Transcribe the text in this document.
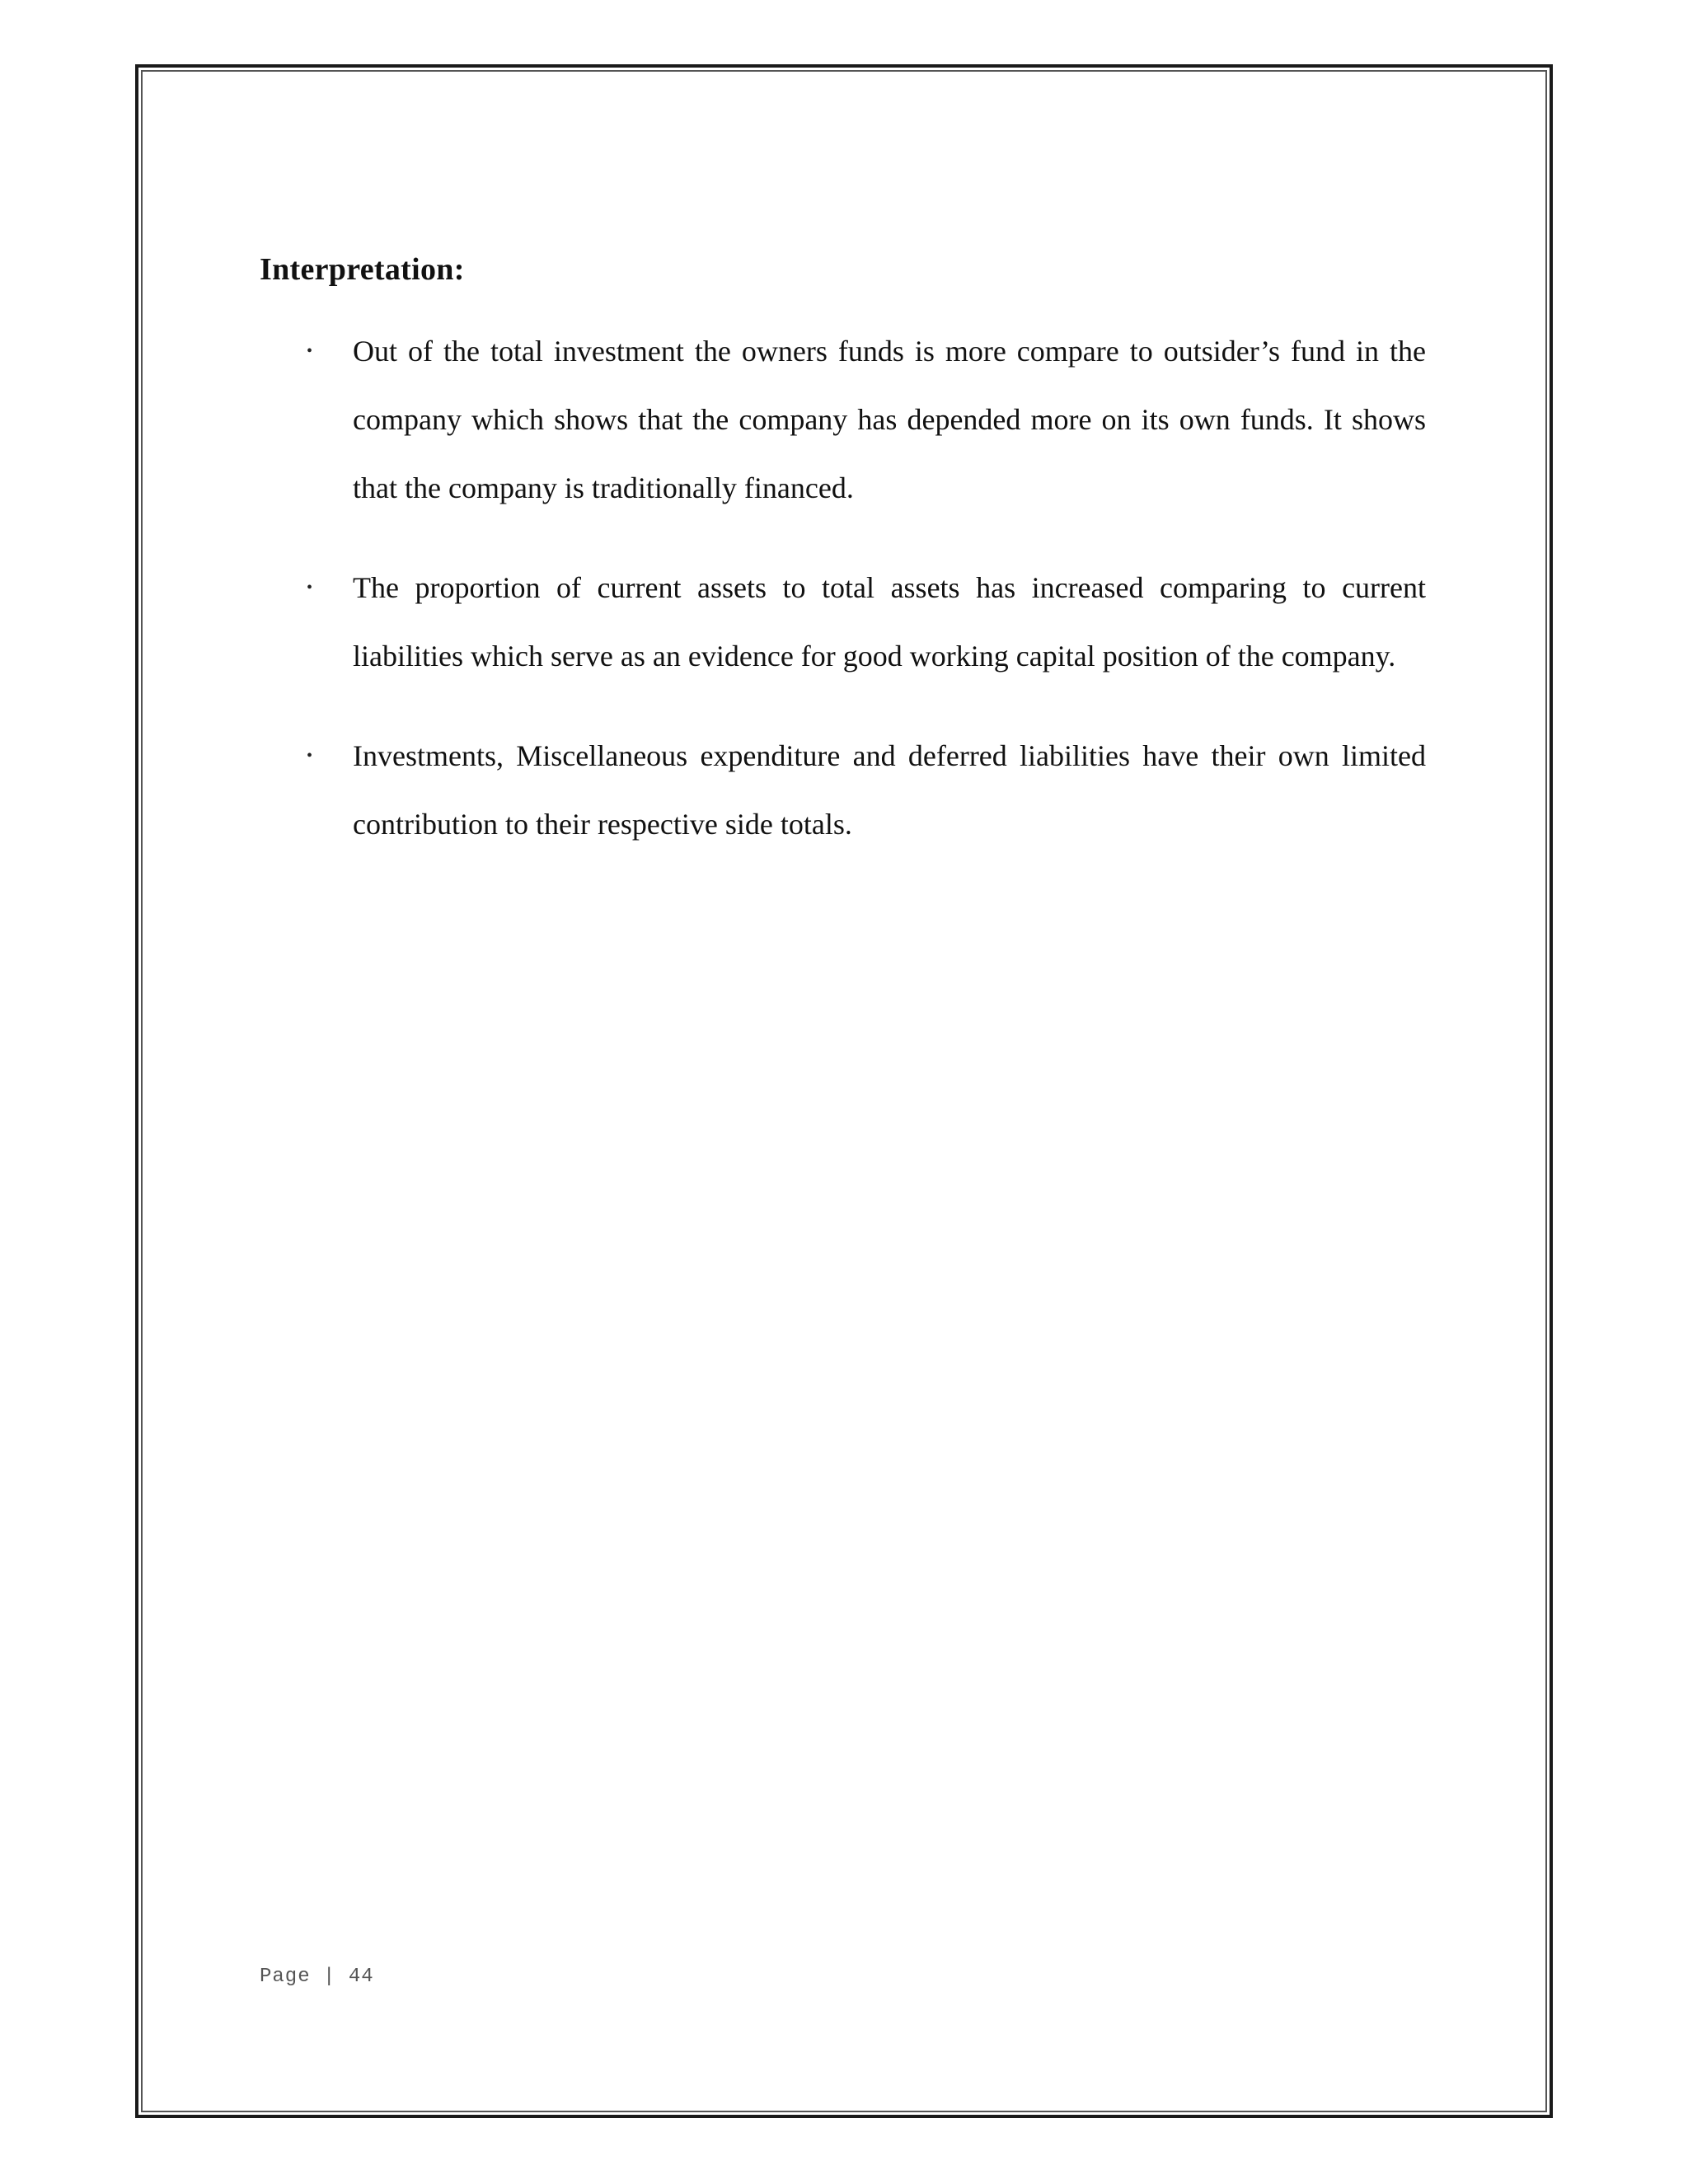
Interpretation:
• Out of the total investment the owners funds is more compare to outsider’s fund in the company which shows that the company has depended more on its own funds. It shows that the company is traditionally financed.
• The proportion of current assets to total assets has increased comparing to current liabilities which serve as an evidence for good working capital position of the company.
• Investments, Miscellaneous expenditure and deferred liabilities have their own limited contribution to their respective side totals.
Page | 44
